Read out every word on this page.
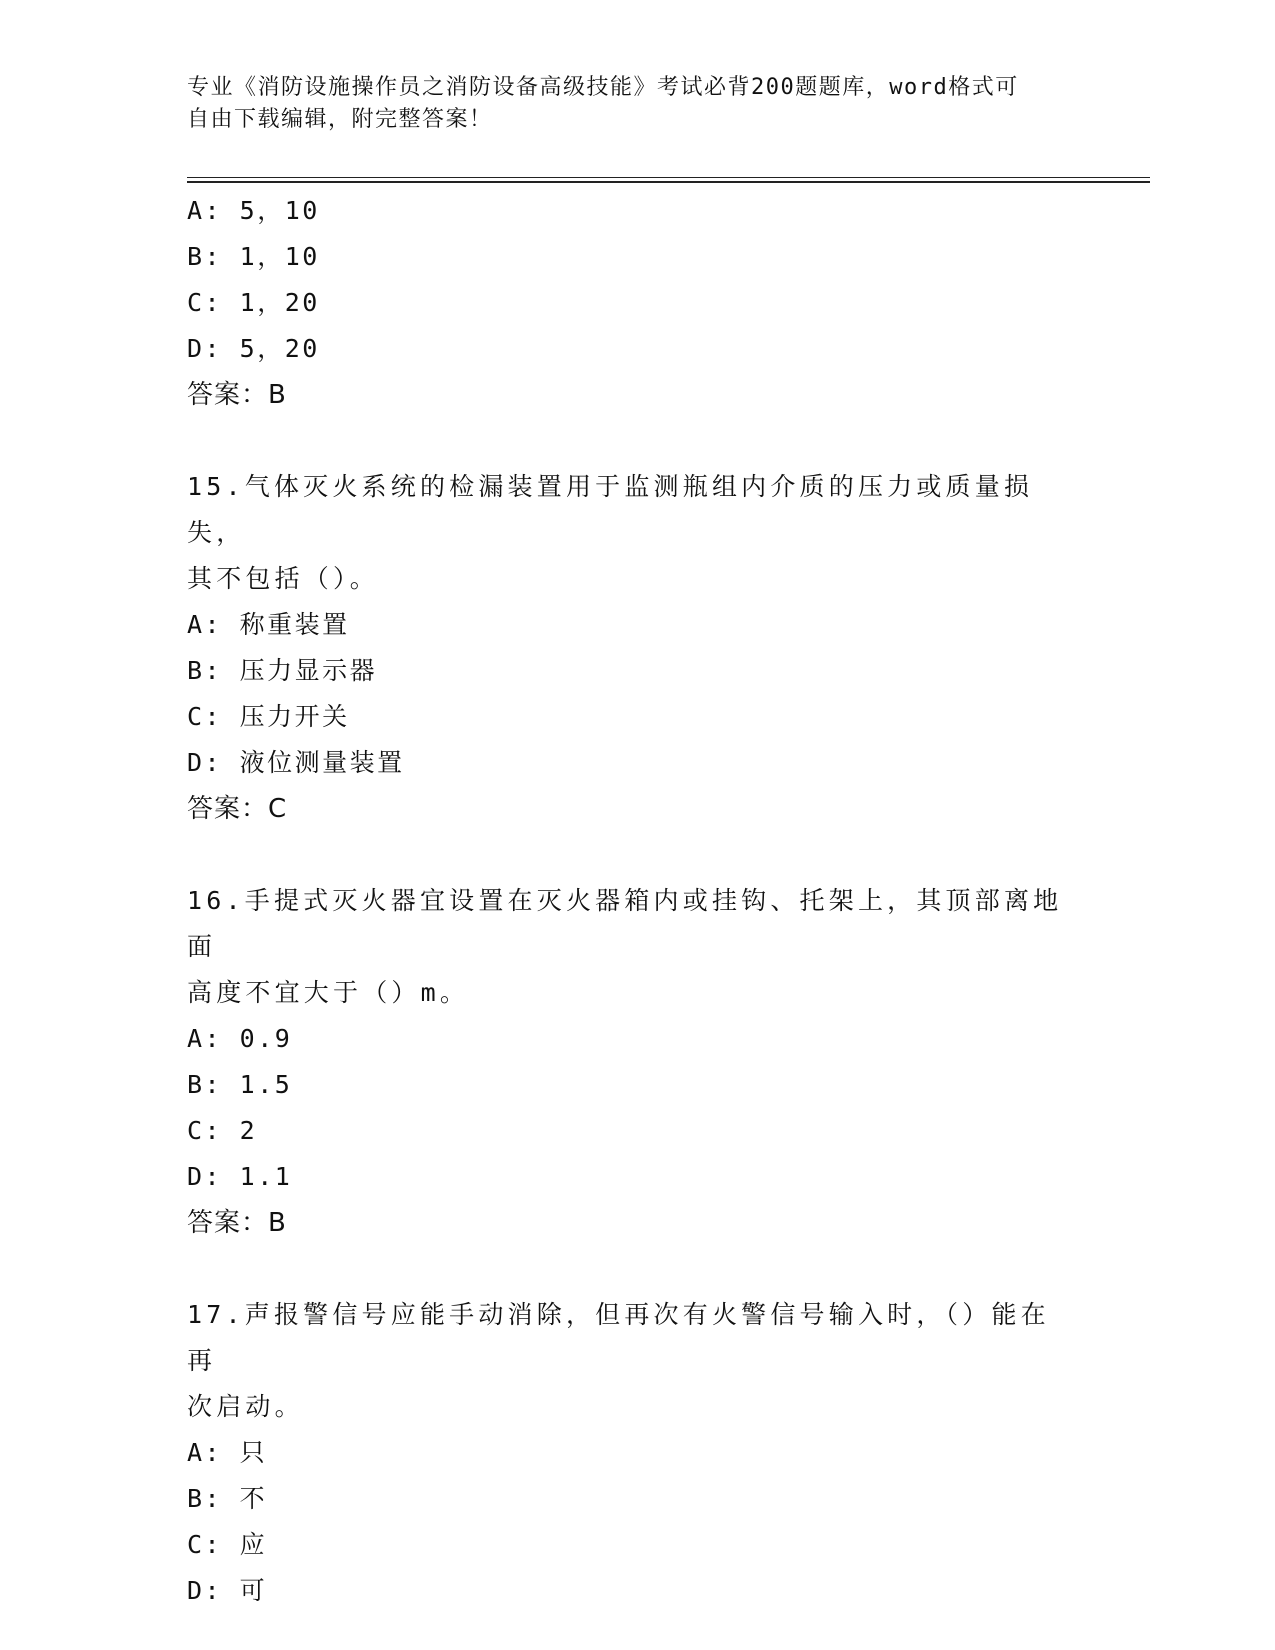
专业《消防设施操作员之消防设备高级技能》考试必背200题题库，word格式可
自由下载编辑，附完整答案！
A: 5，10
B: 1，10
C: 1，20
D: 5，20
答案：B
15.气体灭火系统的检漏装置用于监测瓶组内介质的压力或质量损失，
其不包括（）。
A: 称重装置
B: 压力显示器
C: 压力开关
D: 液位测量装置
答案：C
16.手提式灭火器宜设置在灭火器箱内或挂钩、托架上，其顶部离地面
高度不宜大于（）m。
A: 0.9
B: 1.5
C: 2
D: 1.1
答案：B
17.声报警信号应能手动消除，但再次有火警信号输入时，（）能在再
次启动。
A: 只
B: 不
C: 应
D: 可
